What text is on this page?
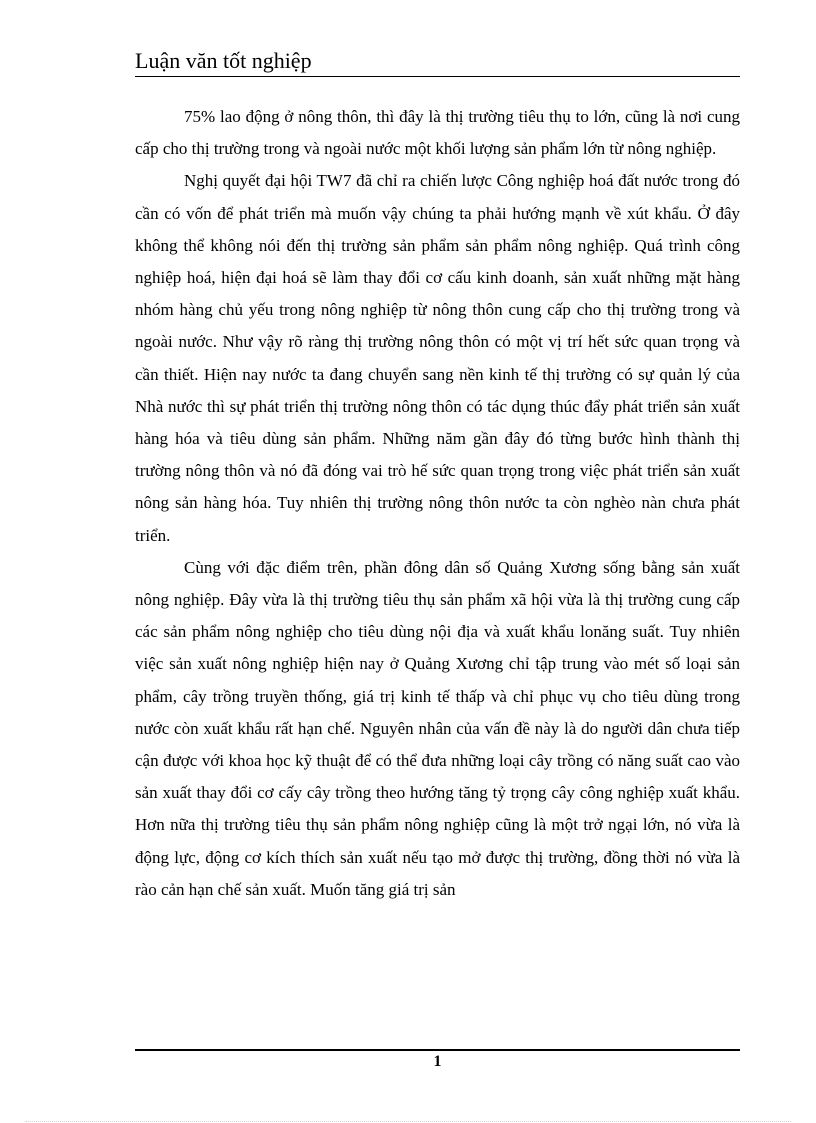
Luận văn tốt nghiệp

75% lao động ở nông thôn, thì đây là thị trường tiêu thụ to lớn, cũng là nơi cung cấp cho thị trường trong và ngoài nước một khối lượng sản phẩm lớn từ nông nghiệp.

Nghị quyết đại hội TW7 đã chỉ ra chiến lược Công nghiệp hoá đất nước trong đó cần có vốn để phát triển mà muốn vậy chúng ta phải hướng mạnh về xút khẩu. Ở đây không thể không nói đến thị trường sản phẩm sản phẩm nông nghiệp. Quá trình công nghiệp hoá, hiện đại hoá sẽ làm thay đổi cơ cấu kinh doanh, sản xuất những mặt hàng nhóm hàng chủ yếu trong nông nghiệp từ nông thôn cung cấp cho thị trường trong và ngoài nước. Như vậy rõ ràng thị trường nông thôn có một vị trí hết sức quan trọng và cần thiết. Hiện nay nước ta đang chuyển sang nền kinh tế thị trường có sự quản lý của Nhà nước thì sự phát triển thị trường nông thôn có tác dụng thúc đẩy phát triển sản xuất hàng hóa và tiêu dùng sản phẩm. Những năm gần đây đó từng bước hình thành thị trường nông thôn và nó đã đóng vai trò hế sức quan trọng trong việc phát triển sản xuất nông sản hàng hóa. Tuy nhiên thị trường nông thôn nước ta còn nghèo nàn chưa phát triển.

Cùng với đặc điểm trên, phần đông dân số Quảng Xương sống bằng sản xuất nông nghiệp. Đây vừa là thị trường tiêu thụ sản phẩm xã hội vừa là thị trường cung cấp các sản phẩm nông nghiệp cho tiêu dùng nội địa và xuất khẩu lonăng suất. Tuy nhiên việc sản xuất nông nghiệp hiện nay ở Quảng Xương chỉ tập trung vào mét số loại sản phẩm, cây trồng truyền thống, giá trị kinh tế thấp và chỉ phục vụ cho tiêu dùng trong nước còn xuất khẩu rất hạn chế. Nguyên nhân của vấn đề này là do người dân chưa tiếp cận được với khoa học kỹ thuật để có thể đưa những loại cây trồng có năng suất cao vào sản xuất thay đổi cơ cấy cây trồng theo hướng tăng tỷ trọng cây công nghiệp xuất khẩu. Hơn nữa thị trường tiêu thụ sản phẩm nông nghiệp cũng là một trở ngại lớn, nó vừa là động lực, động cơ kích thích sản xuất nếu tạo mở được thị trường, đồng thời nó vừa là rào cản hạn chế sản xuất. Muốn tăng giá trị sản

1
